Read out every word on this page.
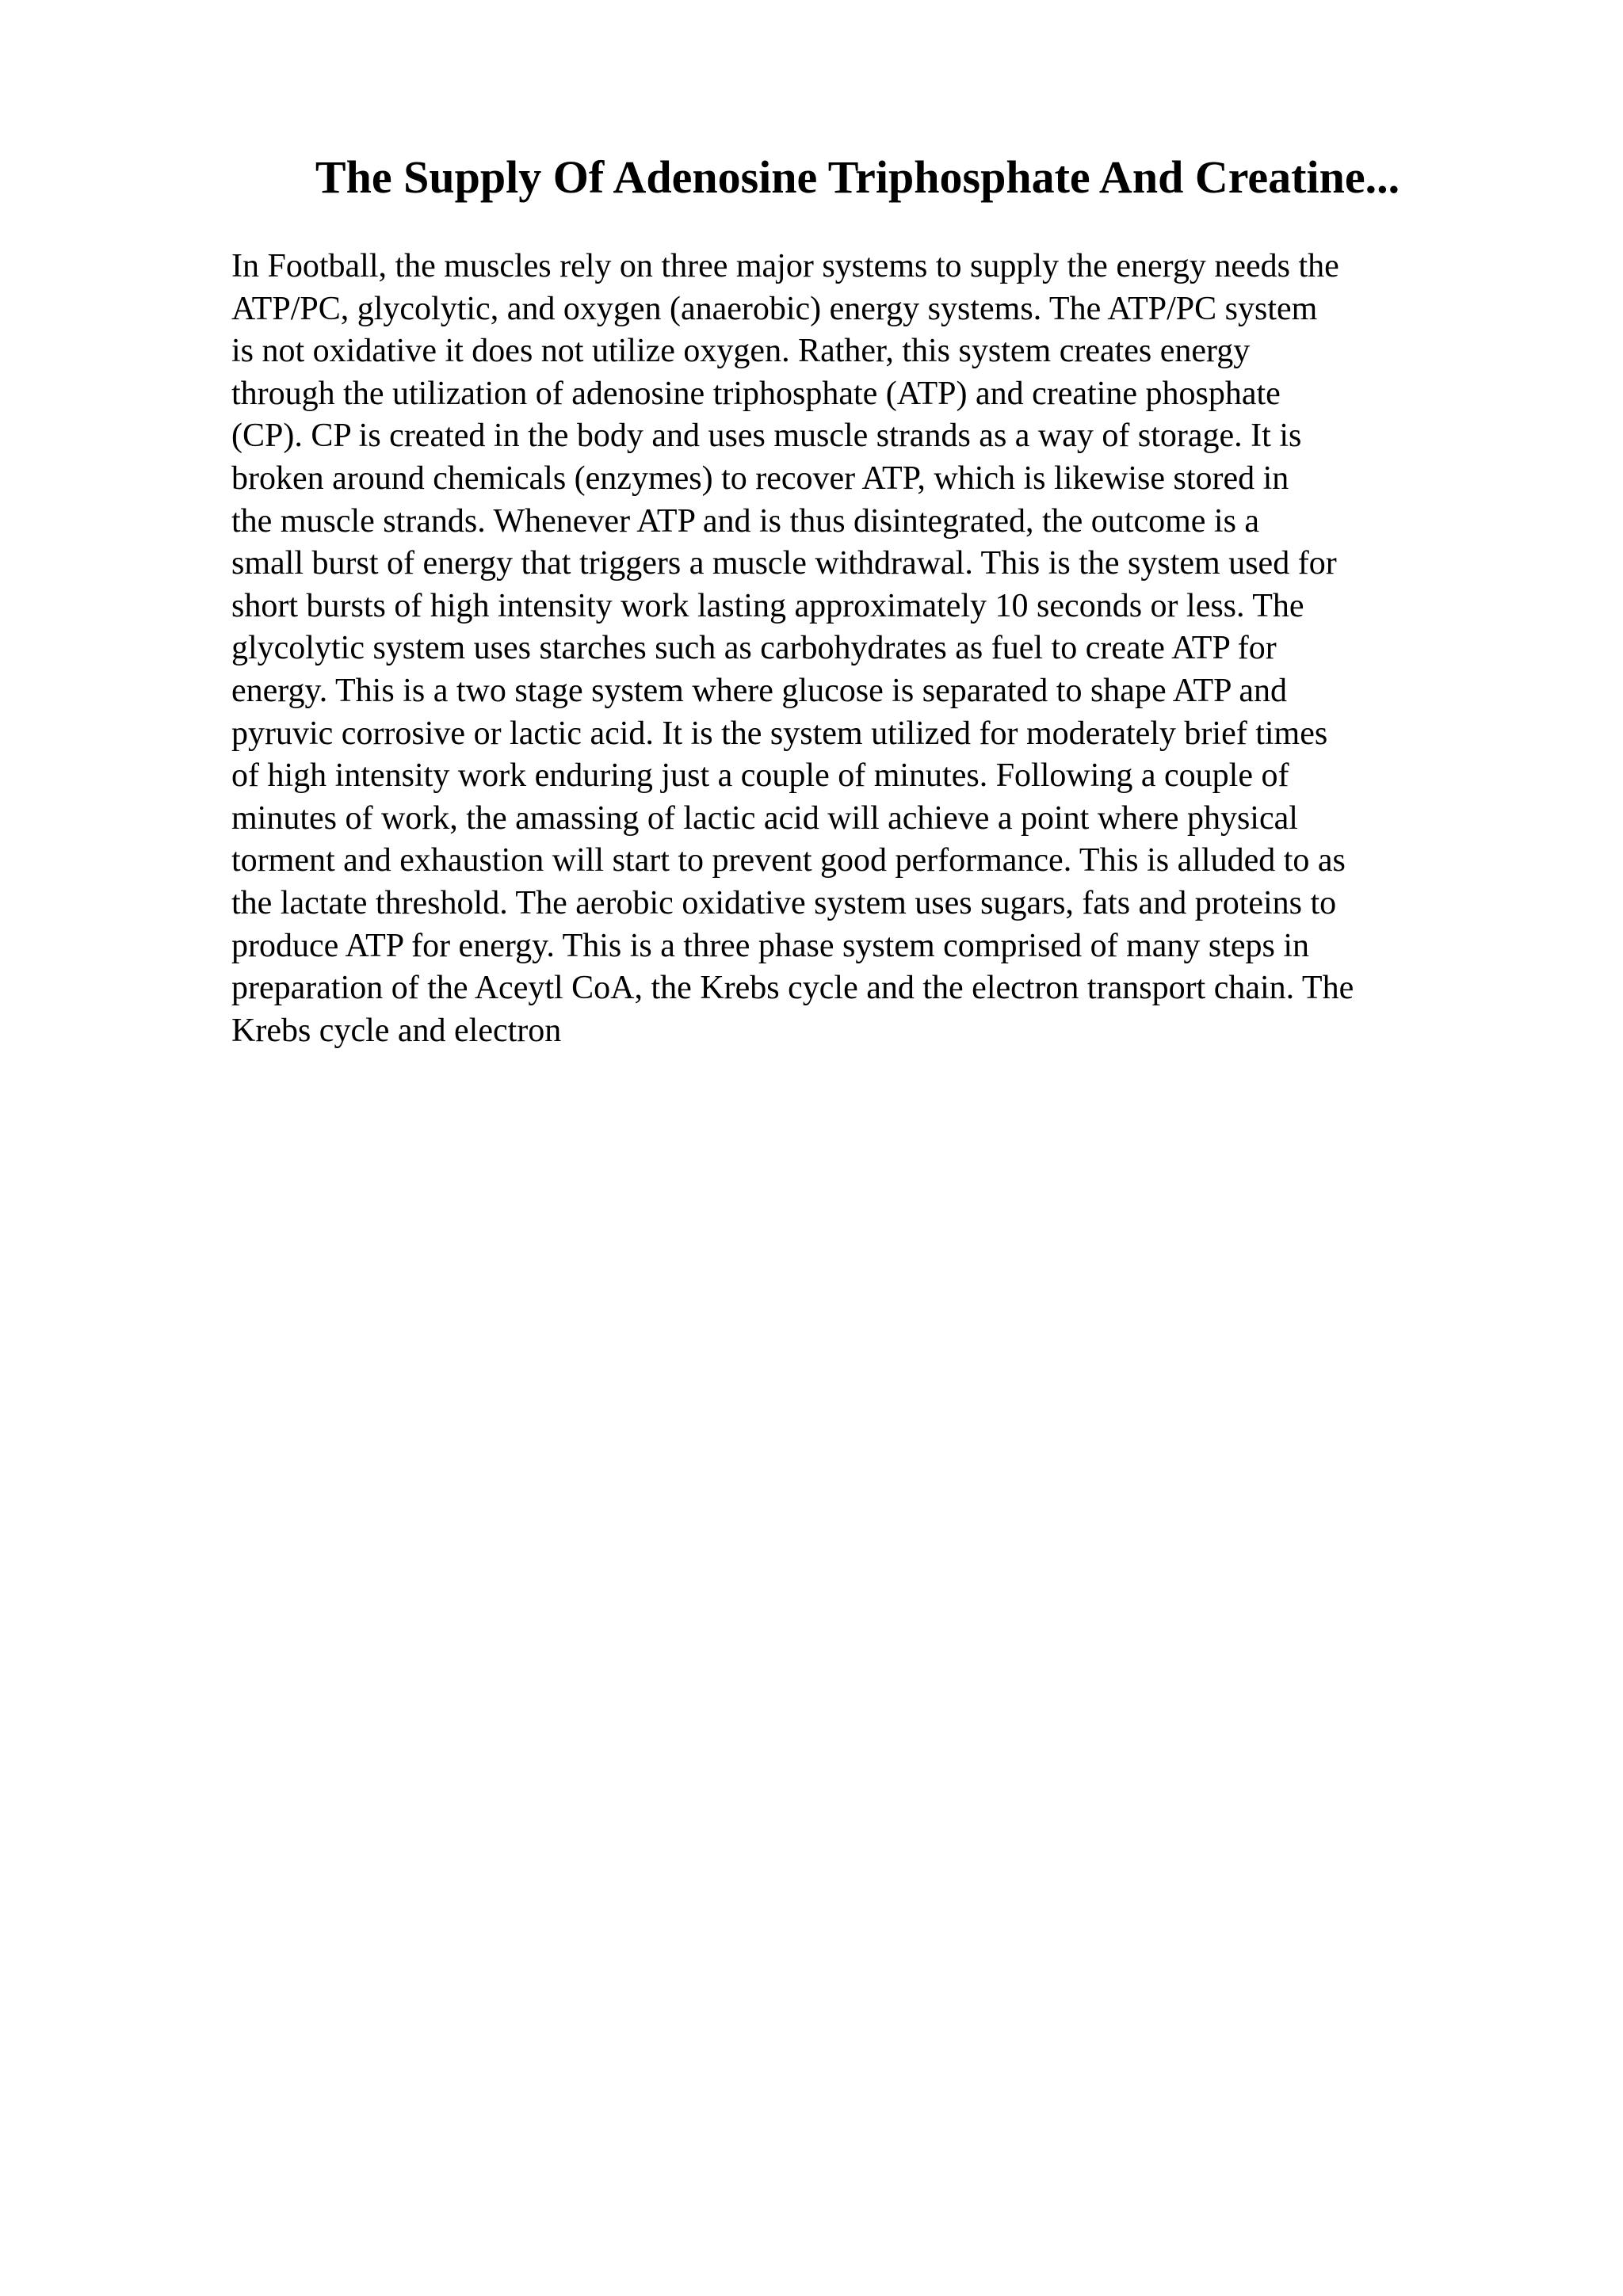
The Supply Of Adenosine Triphosphate And Creatine...
In Football, the muscles rely on three major systems to supply the energy needs the
ATP/PC, glycolytic, and oxygen (anaerobic) energy systems. The ATP/PC system
is not oxidative it does not utilize oxygen. Rather, this system creates energy
through the utilization of adenosine triphosphate (ATP) and creatine phosphate
(CP). CP is created in the body and uses muscle strands as a way of storage. It is
broken around chemicals (enzymes) to recover ATP, which is likewise stored in
the muscle strands. Whenever ATP and is thus disintegrated, the outcome is a
small burst of energy that triggers a muscle withdrawal. This is the system used for
short bursts of high intensity work lasting approximately 10 seconds or less. The
glycolytic system uses starches such as carbohydrates as fuel to create ATP for
energy. This is a two stage system where glucose is separated to shape ATP and
pyruvic corrosive or lactic acid. It is the system utilized for moderately brief times
of high intensity work enduring just a couple of minutes. Following a couple of
minutes of work, the amassing of lactic acid will achieve a point where physical
torment and exhaustion will start to prevent good performance. This is alluded to as
the lactate threshold. The aerobic oxidative system uses sugars, fats and proteins to
produce ATP for energy. This is a three phase system comprised of many steps in
preparation of the Aceytl CoA, the Krebs cycle and the electron transport chain. The
Krebs cycle and electron
